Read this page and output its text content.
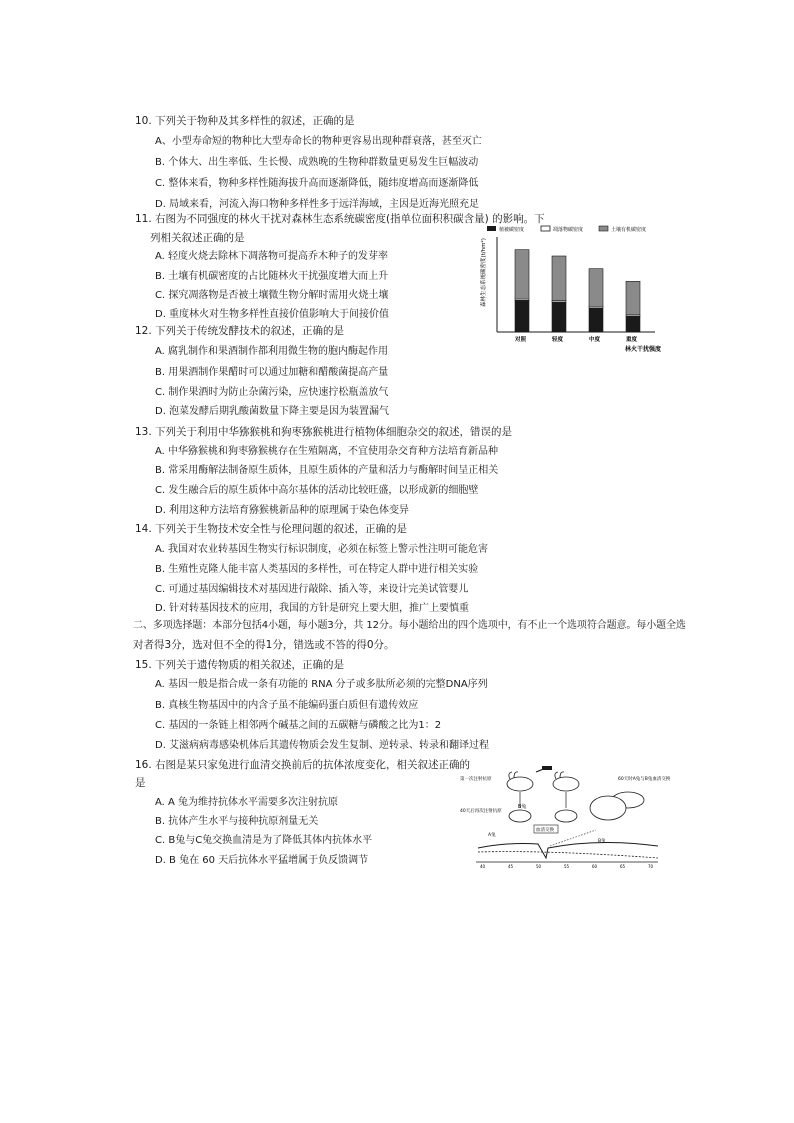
10. 下列关于物种及其多样性的叙述，正确的是
A、小型寿命短的物种比大型寿命长的物种更容易出现种群衰落，甚至灭亡
B. 个体大、出生率低、生长慢、成熟晚的生物种群数量更易发生巨幅波动
C. 整体来看，物种多样性随海拔升高而逐渐降低，随纬度增高而逐渐降低
D. 局域来看，河流入海口物种多样性多于远洋海域，主因是近海光照充足
11. 右图为不同强度的林火干扰对森林生态系统碳密度(指单位面积积碳含量) 的影响。下
列相关叙述正确的是
A. 轻度火烧去除林下凋落物可提高乔木种子的发芽率
B. 土壤有机碳密度的占比随林火干扰强度增大而上升
C. 探究凋落物是否被土壤微生物分解时需用火烧土壤
D. 重度林火对生物多样性直接价值影响大于间接价值
植被碳密度	凋落物碳密度	土壤有机碳密度
森林生态系统碳密度(t/hm²)
对照	轻度	中度	重度
林火干扰强度
12. 下列关于传统发酵技术的叙述，正确的是
A. 腐乳制作和果酒制作都利用微生物的胞内酶起作用
B. 用果酒制作果醋时可以通过加糖和醋酸菌提高产量
C. 制作果酒时为防止杂菌污染，应快速拧松瓶盖放气
D. 泡菜发酵后期乳酸菌数量下降主要是因为装置漏气
13. 下列关于利用中华猕猴桃和狗枣猕猴桃进行植物体细胞杂交的叙述，错误的是
A. 中华猕猴桃和狗枣猕猴桃存在生殖隔离，不宜使用杂交育种方法培育新品种
B. 常采用酶解法制备原生质体，且原生质体的产量和活力与酶解时间呈正相关
C. 发生融合后的原生质体中高尔基体的活动比较旺盛，以形成新的细胞壁
D. 利用这种方法培育猕猴桃新品种的原理属于染色体变异
14. 下列关于生物技术安全性与伦理问题的叙述，正确的是
A. 我国对农业转基因生物实行标识制度，必须在标签上警示性注明可能危害
B. 生殖性克隆人能丰富人类基因的多样性，可在特定人群中进行相关实验
C. 可通过基因编辑技术对基因进行敲除、插入等，来设计完美试管婴儿
D. 针对转基因技术的应用，我国的方针是研究上要大胆，推广上要慎重
二、多项选择题：本部分包括4小题，每小题3分，共 12分。每小题给出的四个选项中，有不止一个选项符合题意。每小题全选
对者得3分，选对但不全的得1分，错选或不答的得0分。
15. 下列关于遗传物质的相关叙述，正确的是
A. 基因一般是指合成一条有功能的 RNA 分子或多肽所必须的完整DNA序列
B. 真核生物基因中的内含子虽不能编码蛋白质但有遗传效应
C. 基因的一条链上相邻两个碱基之间的五碳糖与磷酸之比为1：2
D. 艾滋病病毒感染机体后其遗传物质会发生复制、逆转录、转录和翻译过程
16. 右图是某只家兔进行血清交换前后的抗体浓度变化，相关叙述正确的
是
A. A 兔为维持抗体水平需要多次注射抗原
B. 抗体产生水平与接种抗原剂量无关
C. B兔与C兔交换血清是为了降低其体内抗体水平
D. B 兔在 60 天后抗体水平猛增属于负反馈调节
第一次注射抗原
40天后再次注射抗原
B兔
60天时A兔与B兔血清交换
血清交换
A兔
B兔
40	45	50	55	60	65	70
